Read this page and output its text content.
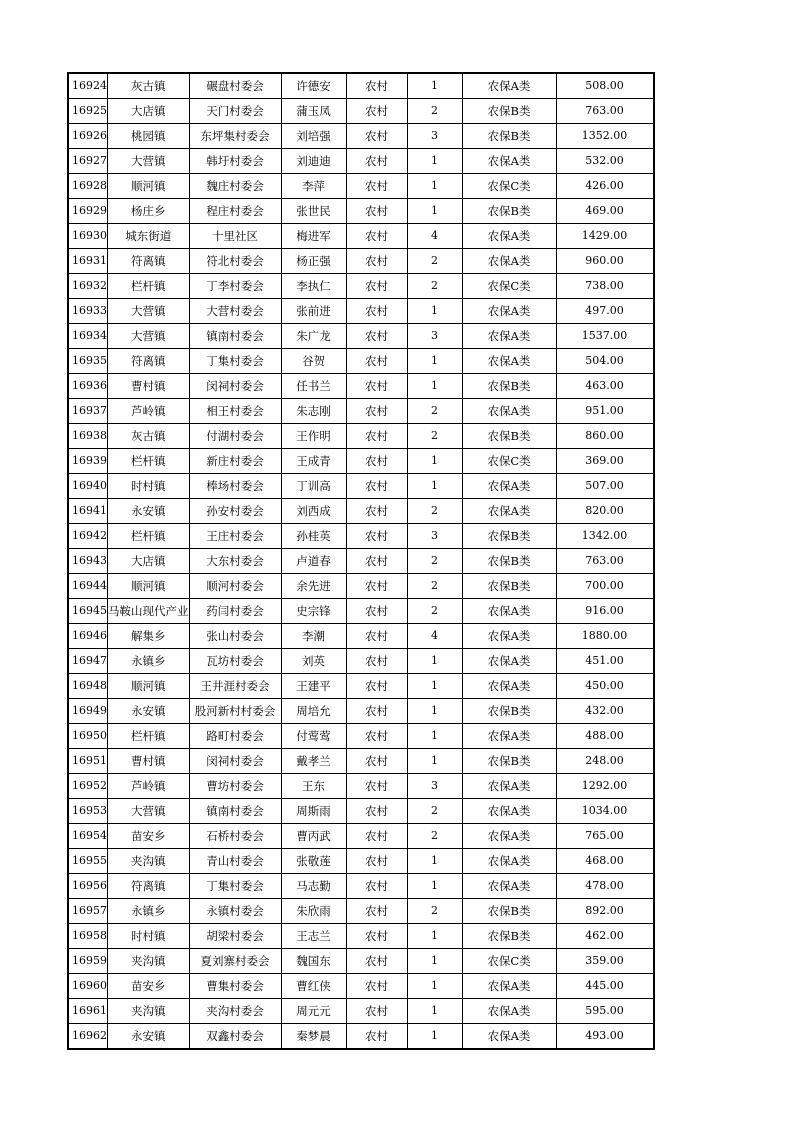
16924	灰古镇	碾盘村委会	许德安	农村	1	农保A类	508.00
16925	大店镇	天门村委会	蒲玉凤	农村	2	农保B类	763.00
16926	桃园镇	东坪集村委会	刘培强	农村	3	农保B类	1352.00
16927	大营镇	韩圩村委会	刘迪迪	农村	1	农保A类	532.00
16928	顺河镇	魏庄村委会	李萍	农村	1	农保C类	426.00
16929	杨庄乡	程庄村委会	张世民	农村	1	农保B类	469.00
16930	城东街道	十里社区	梅进军	农村	4	农保A类	1429.00
16931	符离镇	符北村委会	杨正强	农村	2	农保A类	960.00
16932	栏杆镇	丁李村委会	李执仁	农村	2	农保C类	738.00
16933	大营镇	大营村委会	张前进	农村	1	农保A类	497.00
16934	大营镇	镇南村委会	朱广龙	农村	3	农保A类	1537.00
16935	符离镇	丁集村委会	谷贺	农村	1	农保A类	504.00
16936	曹村镇	闵祠村委会	任书兰	农村	1	农保B类	463.00
16937	芦岭镇	相王村委会	朱志刚	农村	2	农保A类	951.00
16938	灰古镇	付湖村委会	王作明	农村	2	农保B类	860.00
16939	栏杆镇	新庄村委会	王成青	农村	1	农保C类	369.00
16940	时村镇	棒场村委会	丁训高	农村	1	农保A类	507.00
16941	永安镇	孙安村委会	刘西成	农村	2	农保A类	820.00
16942	栏杆镇	王庄村委会	孙桂英	农村	3	农保B类	1342.00
16943	大店镇	大东村委会	卢道春	农村	2	农保B类	763.00
16944	顺河镇	顺河村委会	余先进	农村	2	农保B类	700.00
16945	马鞍山现代产业	药闫村委会	史宗锋	农村	2	农保A类	916.00
16946	解集乡	张山村委会	李潮	农村	4	农保A类	1880.00
16947	永镇乡	瓦坊村委会	刘英	农村	1	农保A类	451.00
16948	顺河镇	王井涯村委会	王建平	农村	1	农保A类	450.00
16949	永安镇	股河新村村委会	周培允	农村	1	农保B类	432.00
16950	栏杆镇	路町村委会	付莺莺	农村	1	农保A类	488.00
16951	曹村镇	闵祠村委会	戴孝兰	农村	1	农保B类	248.00
16952	芦岭镇	曹坊村委会	王东	农村	3	农保A类	1292.00
16953	大营镇	镇南村委会	周斯雨	农村	2	农保A类	1034.00
16954	苗安乡	石桥村委会	曹丙武	农村	2	农保A类	765.00
16955	夹沟镇	青山村委会	张敬莲	农村	1	农保A类	468.00
16956	符离镇	丁集村委会	马志勤	农村	1	农保A类	478.00
16957	永镇乡	永镇村委会	朱欣雨	农村	2	农保B类	892.00
16958	时村镇	胡梁村委会	王志兰	农村	1	农保B类	462.00
16959	夹沟镇	夏刘寨村委会	魏国东	农村	1	农保C类	359.00
16960	苗安乡	曹集村委会	曹红侠	农村	1	农保A类	445.00
16961	夹沟镇	夹沟村委会	周元元	农村	1	农保A类	595.00
16962	永安镇	双鑫村委会	秦梦晨	农村	1	农保A类	493.00
